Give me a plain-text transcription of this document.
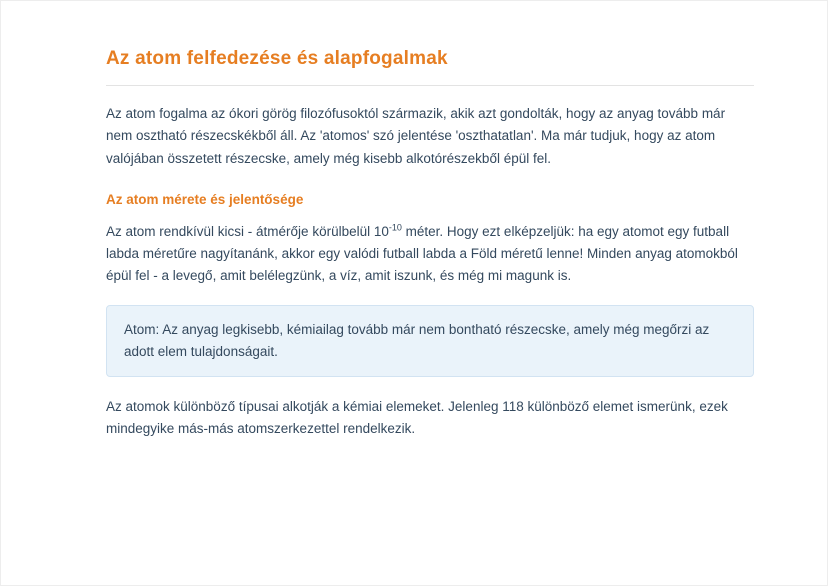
Az atom felfedezése és alapfogalmak

Az atom fogalma az ókori görög filozófusoktól származik, akik azt gondolták, hogy az anyag tovább már nem osztható részecskékből áll. Az 'atomos' szó jelentése 'oszthatatlan'. Ma már tudjuk, hogy az atom valójában összetett részecske, amely még kisebb alkotórészekből épül fel.

Az atom mérete és jelentősége

Az atom rendkívül kicsi - átmérője körülbelül $10^{-10}$ méter. Hogy ezt elképzeljük: ha egy atomot egy futball labda méretűre nagyítanánk, akkor egy valódi futball labda a Föld méretű lenne! Minden anyag atomokból épül fel - a levegő, amit belélegzünk, a víz, amit iszunk, és még mi magunk is.

Atom: Az anyag legkisebb, kémiailag tovább már nem bontható részecske, amely még megőrzi az adott elem tulajdonságait.

Az atomok különböző típusai alkotják a kémiai elemeket. Jelenleg 118 különböző elemet ismerünk, ezek mindegyike más-más atomszerkezettel rendelkezik.
